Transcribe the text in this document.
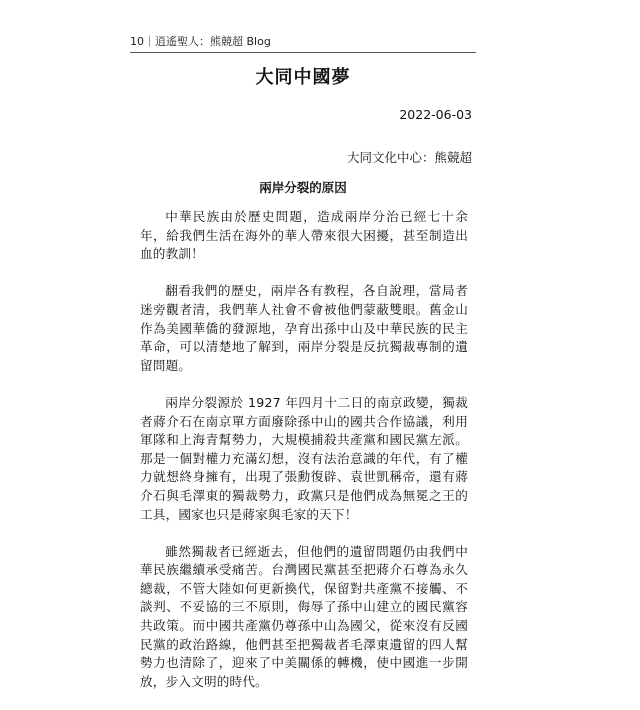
10｜逍遙聖人：熊競超 Blog
大同中國夢
2022-06-03
大同文化中心：熊競超
兩岸分裂的原因

中華民族由於歷史問題，造成兩岸分治已經七十余年，給我們生活在海外的華人帶來很大困擾，甚至制造出血的教訓！

翻看我們的歷史，兩岸各有教程，各自說理，當局者迷旁觀者清，我們華人社會不會被他們蒙蔽雙眼。舊金山作為美國華僑的發源地，孕育出孫中山及中華民族的民主革命，可以清楚地了解到，兩岸分裂是反抗獨裁專制的遺留問題。

兩岸分裂源於 1927 年四月十二日的南京政變，獨裁者蔣介石在南京單方面廢除孫中山的國共合作協議，利用軍隊和上海青幫勢力，大規模捕殺共產黨和國民黨左派。那是一個對權力充滿幻想，沒有法治意識的年代，有了權力就想終身擁有，出現了張勳復辟、袁世凱稱帝，還有蔣介石與毛澤東的獨裁勢力，政黨只是他們成為無冕之王的工具，國家也只是蔣家與毛家的天下！

雖然獨裁者已經逝去，但他們的遺留問題仍由我們中華民族繼續承受痛苦。台灣國民黨甚至把蔣介石尊為永久總裁，不管大陸如何更新換代，保留對共產黨不接觸、不談判、不妥協的三不原則，侮辱了孫中山建立的國民黨容共政策。而中國共產黨仍尊孫中山為國父，從來沒有反國民黨的政治路線，他們甚至把獨裁者毛澤東遺留的四人幫勢力也清除了，迎來了中美關係的轉機，使中國進一步開放，步入文明的時代。
